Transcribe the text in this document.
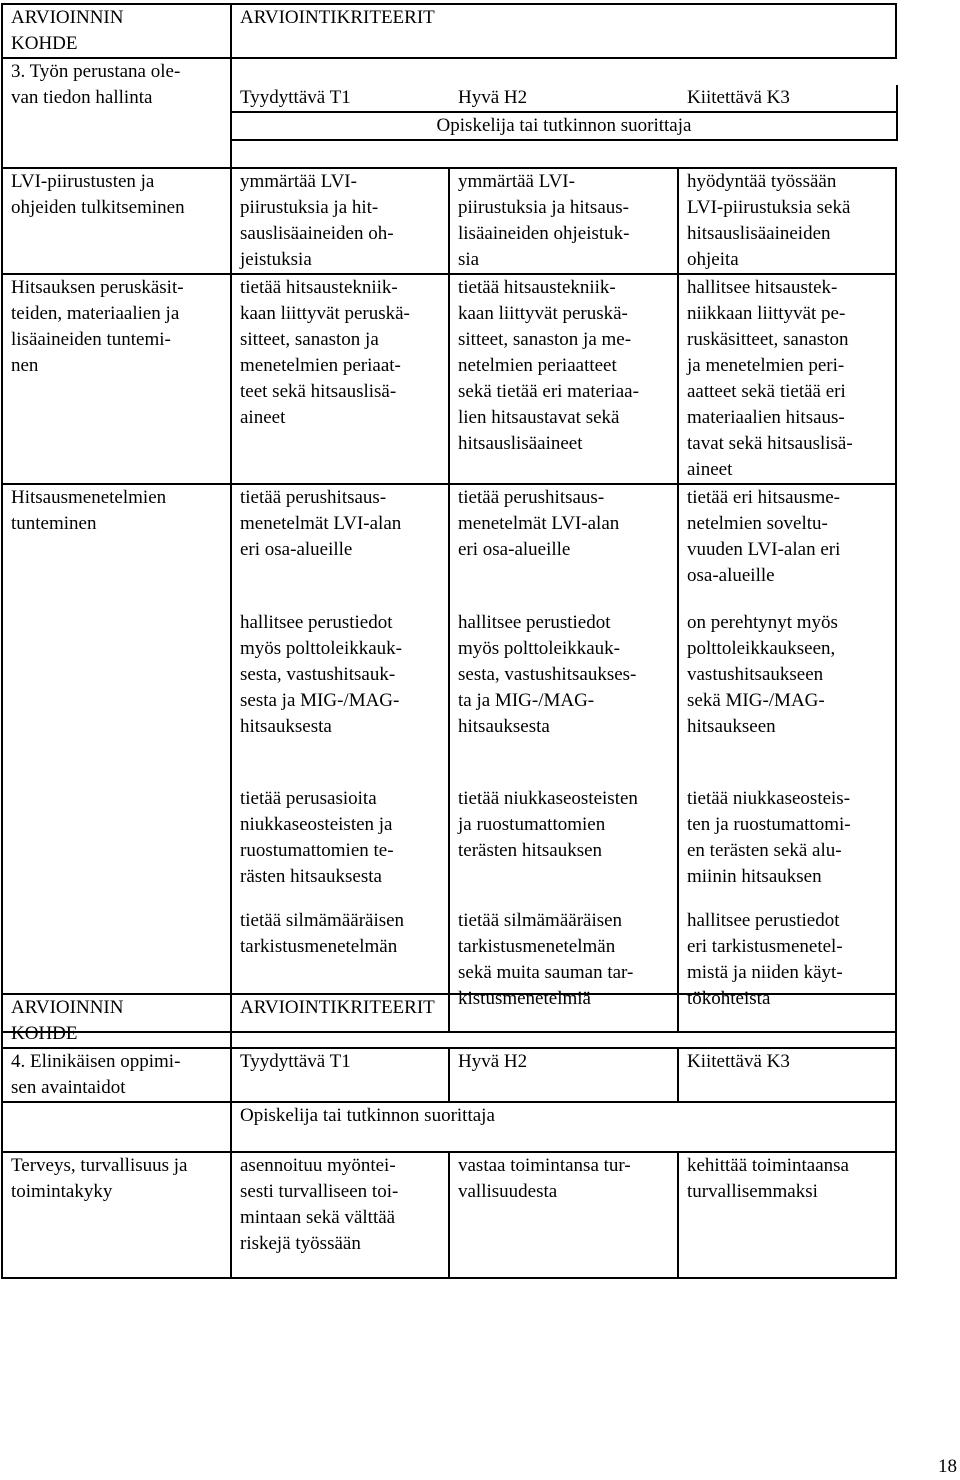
ARVIOINNIN
KOHDE	ARVIOINTIKRITEERIT
3. Työn perustana ole-
van tiedon hallinta		Tyydyttävä T1	Hyvä H2	Kiitettävä K3
Opiskelija tai tutkinnon suorittaja

LVI-piirustusten ja
ohjeiden tulkitseminen	ymmärtää LVI-
piirustuksia ja hit-
sauslisäaineiden oh-
jeistuksia	ymmärtää LVI-
piirustuksia ja hitsaus-
lisäaineiden ohjeistuk-
sia	hyödyntää työssään
LVI-piirustuksia sekä
hitsauslisäaineiden
ohjeita
Hitsauksen peruskäsit-
teiden, materiaalien ja
lisäaineiden tuntemi-
nen	tietää hitsaustekniik-
kaan liittyvät peruskä-
sitteet, sanaston ja
menetelmien periaat-
teet sekä hitsauslisä-
aineet	tietää hitsaustekniik-
kaan liittyvät peruskä-
sitteet, sanaston ja me-
netelmien periaatteet
sekä tietää eri materiaa-
lien hitsaustavat sekä
hitsauslisäaineet	hallitsee hitsaustek-
niikkaan liittyvät pe-
ruskäsitteet, sanaston
ja menetelmien peri-
aatteet sekä tietää eri
materiaalien hitsaus-
tavat sekä hitsauslisä-
aineet
Hitsausmenetelmien
tunteminen	tietää perushitsaus-
menetelmät LVI-alan
eri osa-alueille	tietää perushitsaus-
menetelmät LVI-alan
eri osa-alueille	tietää eri hitsausme-
netelmien soveltu-
vuuden LVI-alan eri
osa-alueille
	hallitsee perustiedot
myös polttoleikkauk-
sesta, vastushitsauk-
sesta ja MIG-/MAG-
hitsauksesta	hallitsee perustiedot
myös polttoleikkauk-
sesta, vastushitsaukses-
ta ja MIG-/MAG-
hitsauksesta	on perehtynyt myös
polttoleikkaukseen,
vastushitsaukseen
sekä MIG-/MAG-
hitsaukseen
	tietää perusasioita
niukkaseosteisten ja
ruostumattomien te-
rästen hitsauksesta	tietää niukkaseosteisten
ja ruostumattomien
terästen hitsauksen	tietää niukkaseosteis-
ten ja ruostumattomi-
en terästen sekä alu-
miinin hitsauksen
	tietää silmämääräisen
tarkistusmenetelmän	tietää silmämääräisen
tarkistusmenetelmän
sekä muita sauman tar-
kistusmenetelmiä	hallitsee perustiedot
eri tarkistusmenetel-
mistä ja niiden käyt-
tökohteista
ARVIOINNIN
KOHDE	ARVIOINTIKRITEERIT		
4. Elinikäisen oppimi-
sen avaintaidot	Tyydyttävä T1	Hyvä H2	Kiitettävä K3
	Opiskelija tai tutkinnon suorittaja		
Terveys, turvallisuus ja
toimintakyky	asennoituu myöntei-
sesti turvalliseen toi-
mintaan sekä välttää
riskejä työssään	vastaa toimintansa tur-
vallisuudesta	kehittää toimintaansa
turvallisemmaksi
18
